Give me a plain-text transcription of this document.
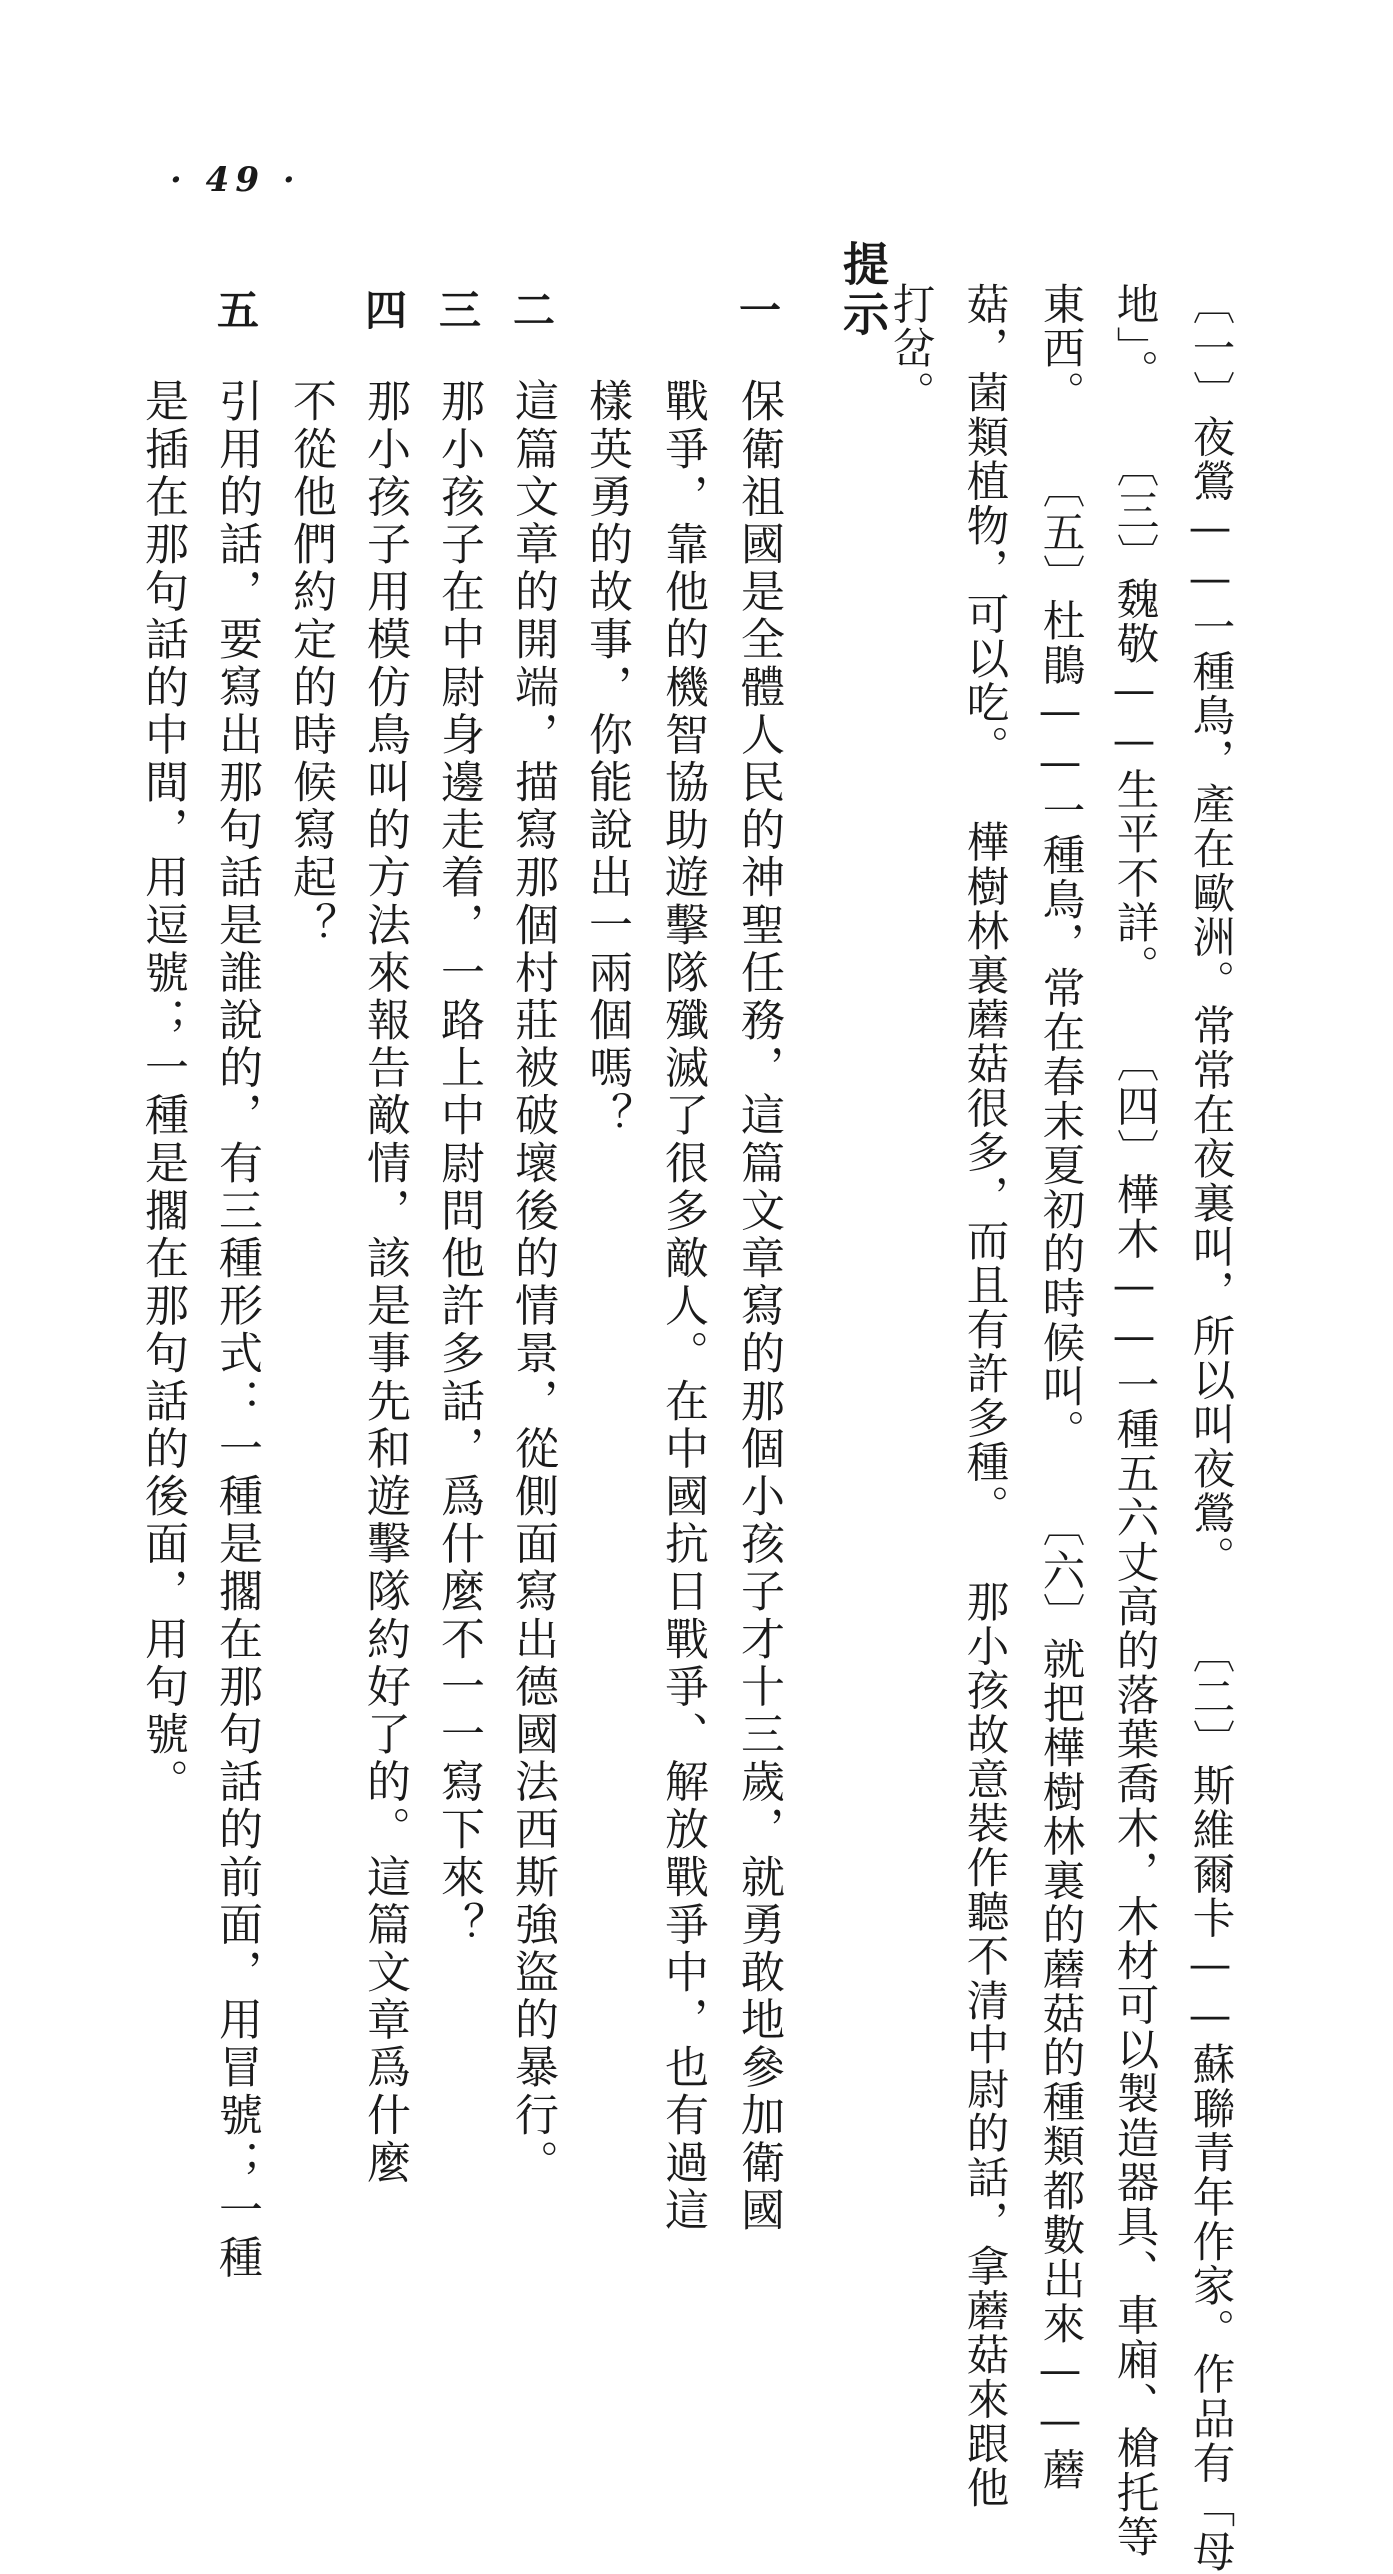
· 49 ·
〔一〕夜鶯——一種鳥，產在歐洲。常常在夜裏叫，所以叫夜鶯。 〔二〕斯維爾卡——蘇聯青年作家。作品有「母
地」。 〔三〕魏敬——生平不詳。 〔四〕樺木——一種五六丈高的落葉喬木，木材可以製造器具、車廂、槍托等
東西。 〔五〕杜鵑——一種鳥，常在春末夏初的時候叫。 〔六〕就把樺樹林裏的蘑菇的種類都數出來——蘑
菇，菌類植物，可以吃。 樺樹林裏蘑菇很多，而且有許多種。 那小孩故意裝作聽不清中尉的話，拿蘑菇來跟他
打岔。
提示
一
保衛祖國是全體人民的神聖任務，這篇文章寫的那個小孩子才十三歲，就勇敢地參加衛國
戰爭，靠他的機智協助遊擊隊殲滅了很多敵人。在中國抗日戰爭、解放戰爭中，也有過這
樣英勇的故事，你能說出一兩個嗎？
二
這篇文章的開端，描寫那個村莊被破壞後的情景，從側面寫出德國法西斯強盜的暴行。
三
那小孩子在中尉身邊走着，一路上中尉問他許多話，爲什麼不一一寫下來？
四
那小孩子用模仿鳥叫的方法來報告敵情，該是事先和遊擊隊約好了的。這篇文章爲什麼
不從他們約定的時候寫起？
五
引用的話，要寫出那句話是誰說的，有三種形式：一種是擱在那句話的前面，用冒號；一種
是插在那句話的中間，用逗號；一種是擱在那句話的後面，用句號。
